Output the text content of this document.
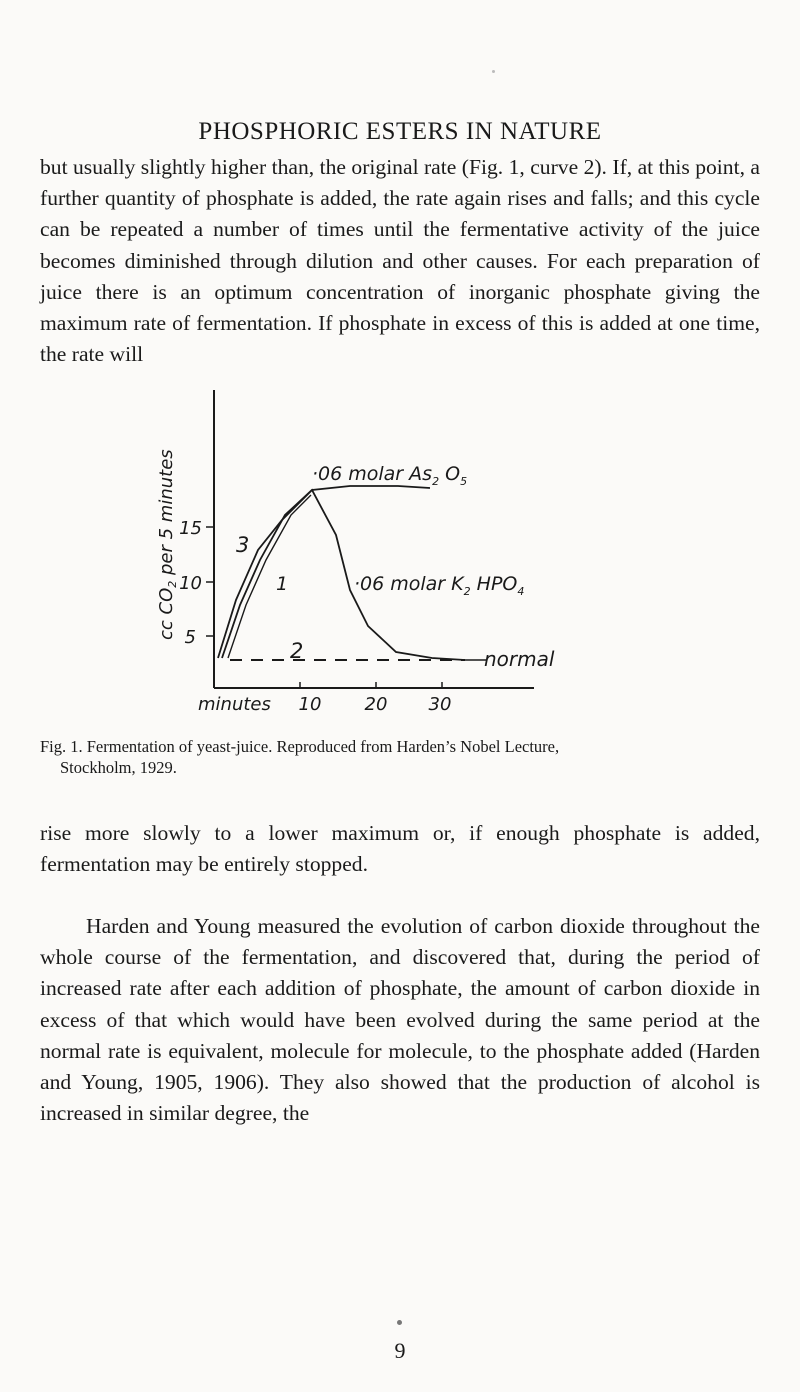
PHOSPHORIC ESTERS IN NATURE

but usually slightly higher than, the original rate (Fig. 1, curve 2). If, at this point, a further quantity of phosphate is added, the rate again rises and falls; and this cycle can be repeated a number of times until the fermentative activity of the juice becomes diminished through dilution and other causes. For each preparation of juice there is an optimum concentration of inorganic phosphate giving the maximum rate of fermentation. If phosphate in excess of this is added at one time, the rate will

5
10
15
minutes 10 20 30
cc $CO_2$ per 5 minutes
normal
·06 molar $As_2$ $O_5$
·06 molar $K_2$ $HPO_4$
3
1
2
Fig. 1. Fermentation of yeast-juice. Reproduced from Harden’s Nobel Lecture,
Stockholm, 1929.

rise more slowly to a lower maximum or, if enough phosphate is added, fermentation may be entirely stopped.

Harden and Young measured the evolution of carbon dioxide throughout the whole course of the fermentation, and discovered that, during the period of increased rate after each addition of phosphate, the amount of carbon dioxide in excess of that which would have been evolved during the same period at the normal rate is equivalent, molecule for molecule, to the phosphate added (Harden and Young, 1905, 1906). They also showed that the production of alcohol is increased in similar degree, the

9
